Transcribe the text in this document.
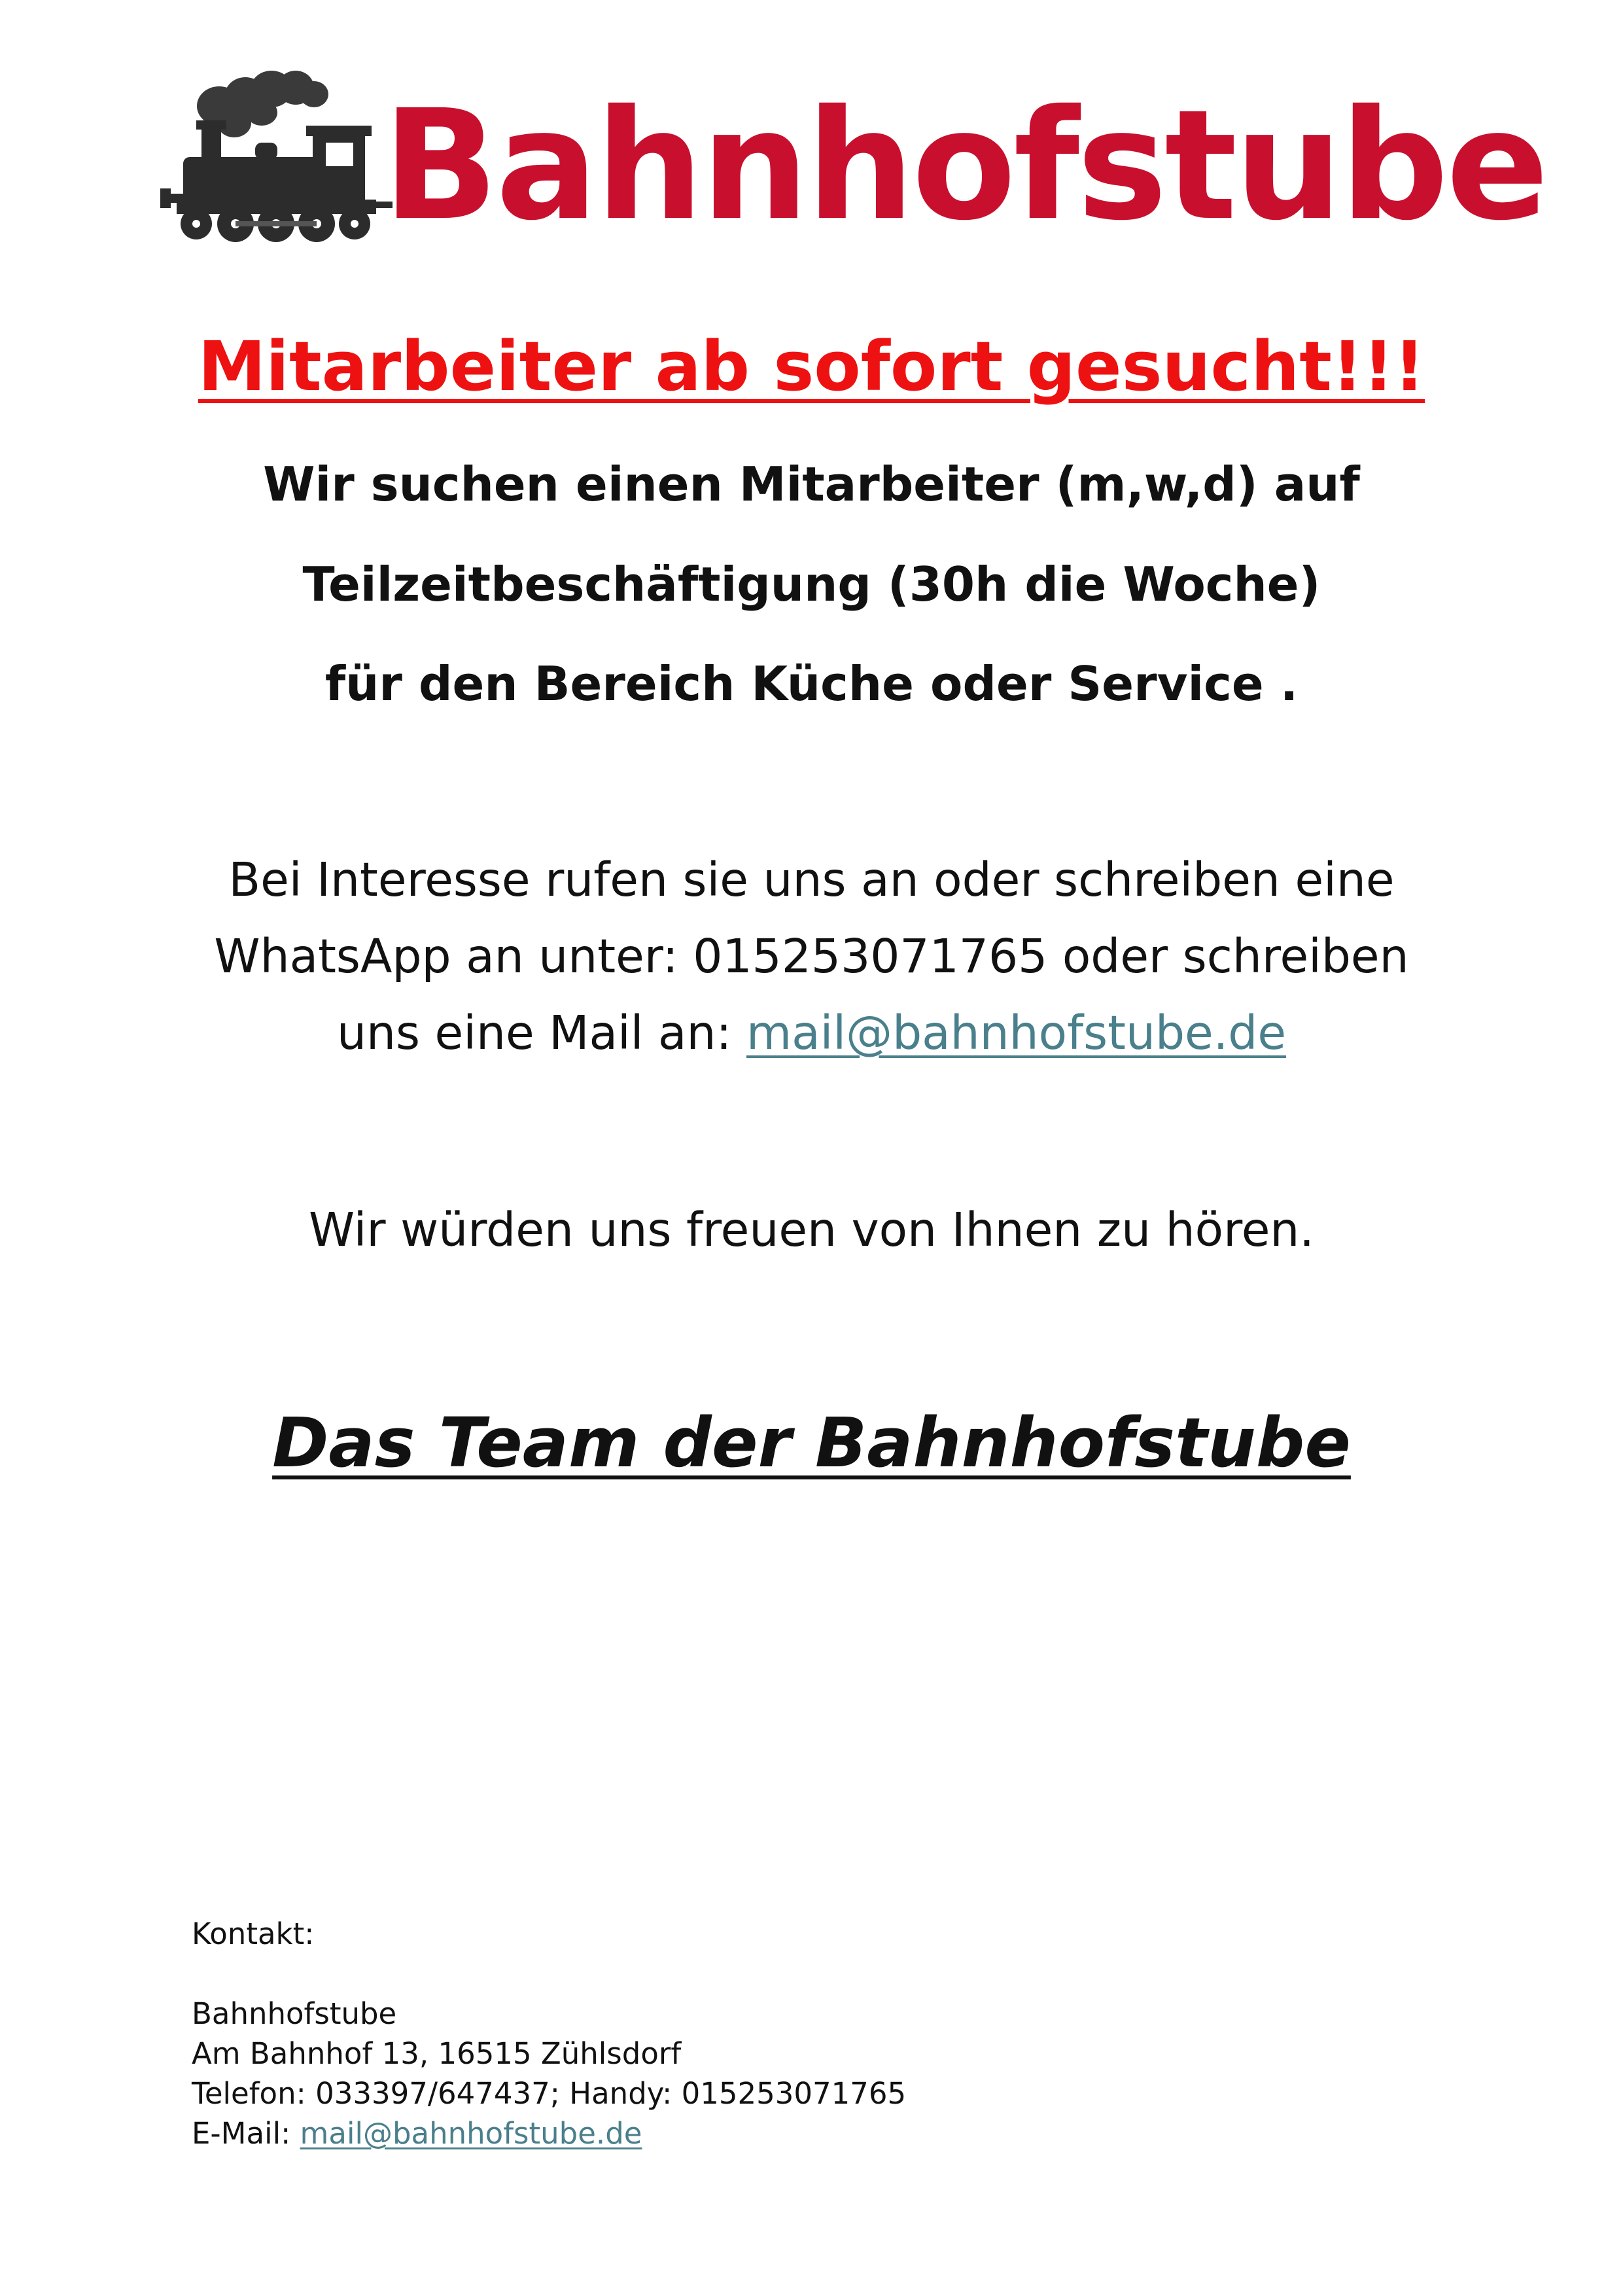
Bahnhofstube
Mitarbeiter ab sofort gesucht!!!
Wir suchen einen Mitarbeiter (m,w,d) auf
Teilzeitbeschäftigung (30h die Woche)
für den Bereich Küche oder Service .
Bei Interesse rufen sie uns an oder schreiben eine
WhatsApp an unter: 015253071765 oder schreiben
uns eine Mail an: mail@bahnhofstube.de
Wir würden uns freuen von Ihnen zu hören.
Das Team der Bahnhofstube
Kontakt:
Bahnhofstube
Am Bahnhof 13, 16515 Zühlsdorf
Telefon: 033397/647437; Handy: 015253071765
E-Mail: mail@bahnhofstube.de
